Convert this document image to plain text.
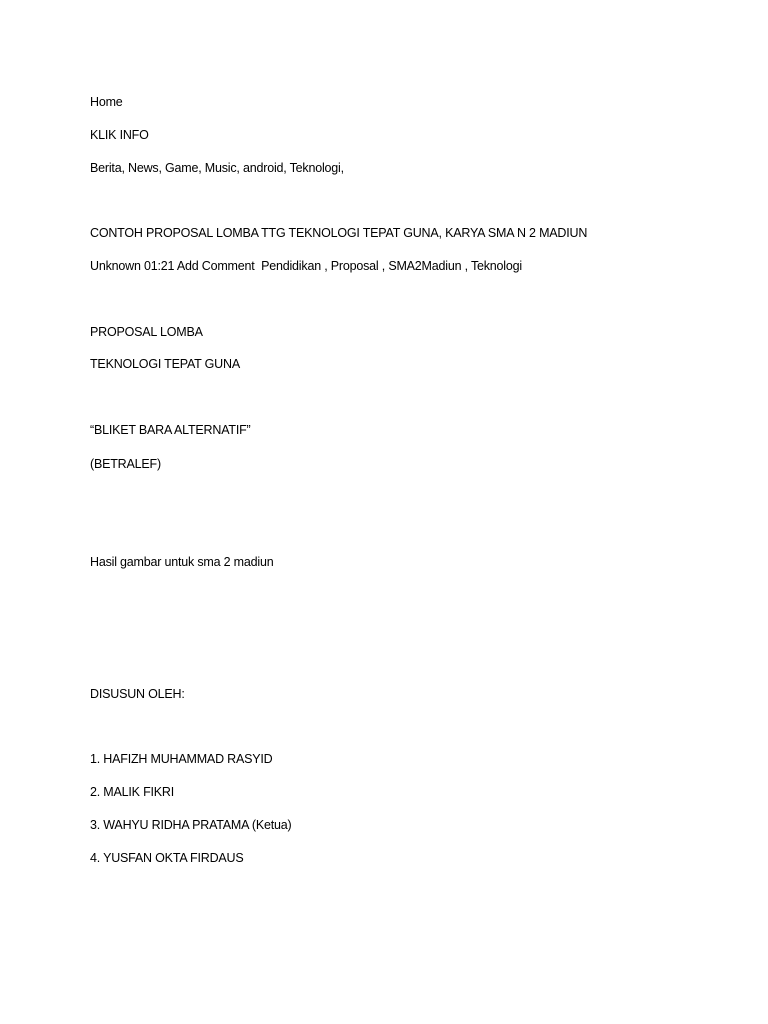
Home
KLIK INFO
Berita, News, Game, Music, android, Teknologi,
CONTOH PROPOSAL LOMBA TTG TEKNOLOGI TEPAT GUNA, KARYA SMA N 2 MADIUN
Unknown 01:21 Add Comment  Pendidikan , Proposal , SMA2Madiun , Teknologi
PROPOSAL LOMBA
TEKNOLOGI TEPAT GUNA
“BLIKET BARA ALTERNATIF”
(BETRALEF)
Hasil gambar untuk sma 2 madiun
DISUSUN OLEH:
1. HAFIZH MUHAMMAD RASYID
2. MALIK FIKRI
3. WAHYU RIDHA PRATAMA (Ketua)
4. YUSFAN OKTA FIRDAUS
